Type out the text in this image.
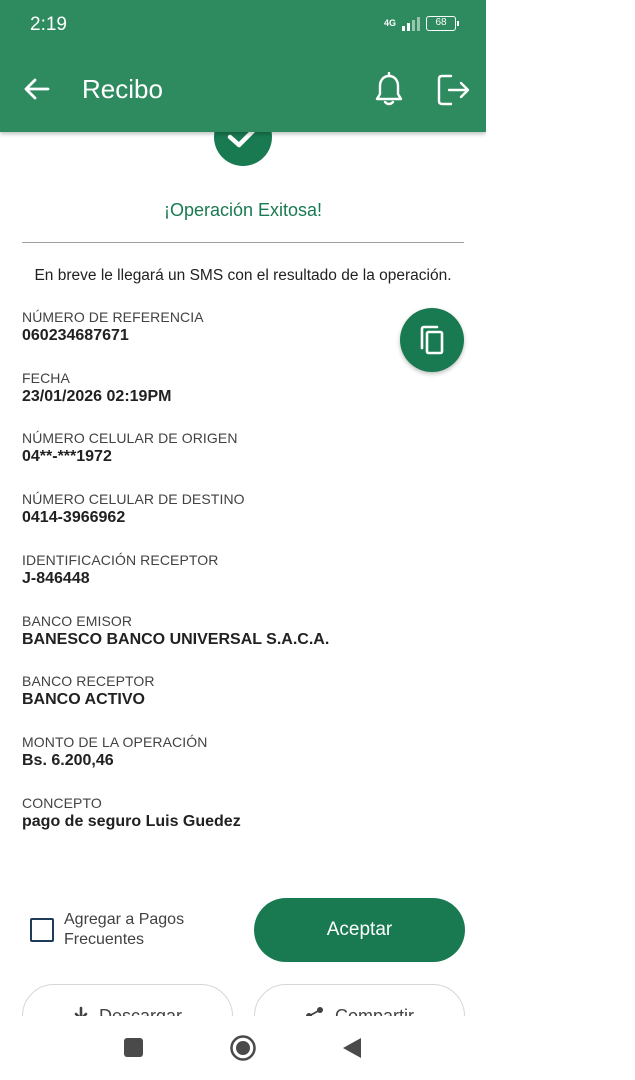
2:19	4G	68
Recibo
¡Operación Exitosa!
En breve le llegará un SMS con el resultado de la operación.
NÚMERO DE REFERENCIA
060234687671
FECHA
23/01/2026 02:19PM
NÚMERO CELULAR DE ORIGEN
04**-***1972
NÚMERO CELULAR DE DESTINO
0414-3966962
IDENTIFICACIÓN RECEPTOR
J-846448
BANCO EMISOR
BANESCO BANCO UNIVERSAL S.A.C.A.
BANCO RECEPTOR
BANCO ACTIVO
MONTO DE LA OPERACIÓN
Bs. 6.200,46
CONCEPTO
pago de seguro Luis Guedez
Agregar a Pagos
Frecuentes	Aceptar
